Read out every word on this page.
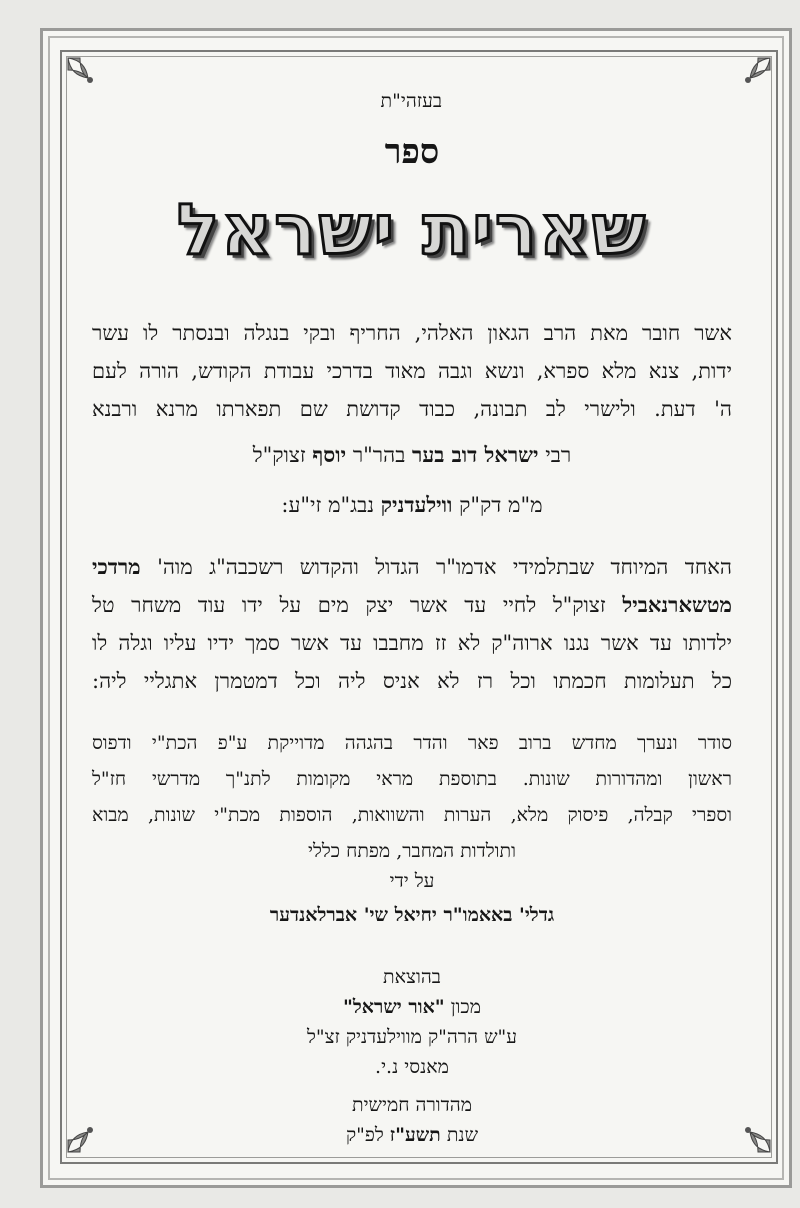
בעזהי"ת
ספר
שארית ישראל
אשר חובר מאת הרב הגאון האלהי, החריף ובקי בנגלה ובנסתר לו עשר
ידות, צנא מלא ספרא, ונשא וגבה מאוד בדרכי עבודת הקודש, הורה לעם
ה' דעת. ולישרי לב תבונה, כבוד קדושת שם תפארתו מרנא ורבנא
רבי ישראל דוב בער בהר"ר יוסף זצוק"ל
מ"מ דק"ק ווילעדניק נבג"מ זי"ע:
האחד המיוחד שבתלמידי אדמו"ר הגדול והקדוש רשכבה"ג מוה' מרדכי
מטשארנאביל זצוק"ל לחיי עד אשר יצק מים על ידו עוד משחר טל
ילדותו עד אשר נגנו ארוה"ק לא זז מחבבו עד אשר סמך ידיו עליו וגלה לו
כל תעלומות חכמתו וכל רז לא אניס ליה וכל דמטמרן אתגליי ליה:
סודר ונערך מחדש ברוב פאר והדר בהגהה מדוייקת ע"פ הכת"י ודפוס
ראשון ומהדורות שונות. בתוספת מראי מקומות לתנ"ך מדרשי חז"ל
וספרי קבלה, פיסוק מלא, הערות והשוואות, הוספות מכת"י שונות, מבוא
ותולדות המחבר, מפתח כללי
על ידי
גדלי' באאמו"ר יחיאל שי' אברלאנדער
בהוצאת
מכון "אור ישראל"
ע"ש הרה"ק מווילעדניק זצ"ל
מאנסי נ.י.
מהדורה חמישית
שנת תשע"ז לפ"ק
